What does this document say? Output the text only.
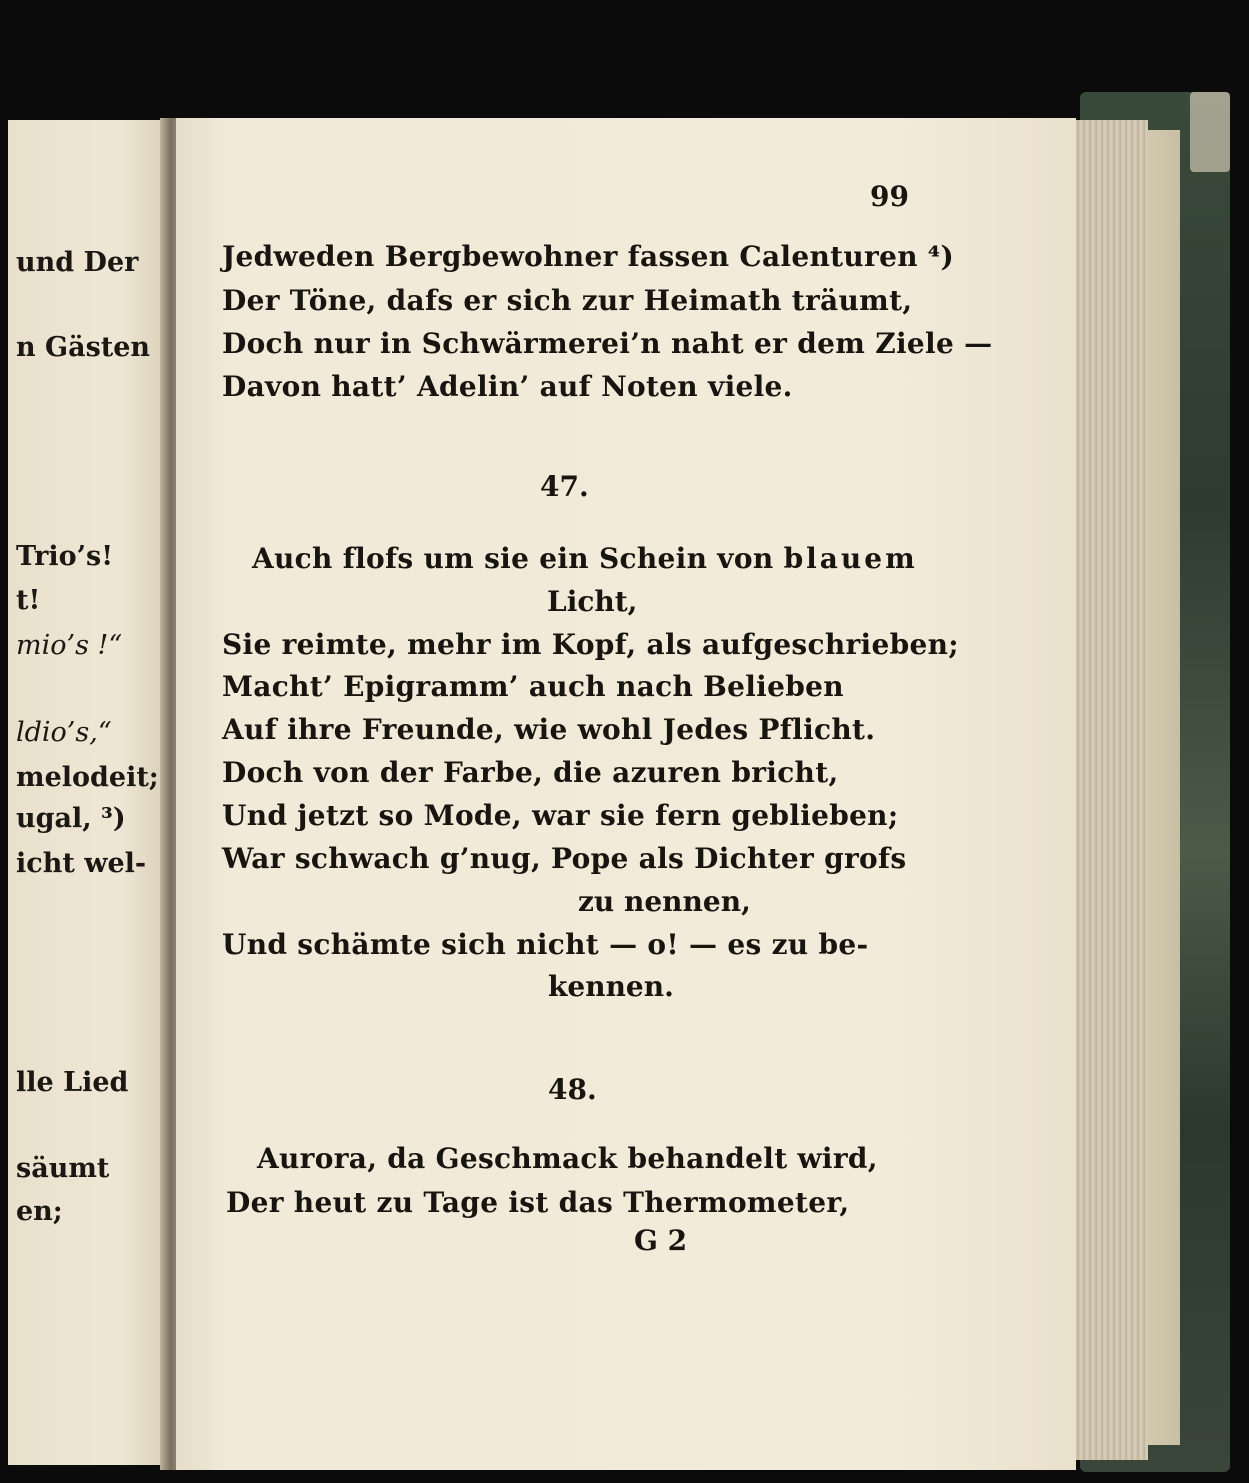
und Der
n Gästen
Trio’s!
t!
mio’s !“
ldio’s,“
melodeit;
ugal, ³)
icht wel-
lle Lied
säumt
en;
99
Jedweden Bergbewohner fassen Calenturen ⁴)
Der Töne, dafs er sich zur Heimath träumt,
Doch nur in Schwärmerei’n naht er dem Ziele —
Davon hatt’ Adelin’ auf Noten viele.
47.
Auch flofs um sie ein Schein von blauem
Licht,
Sie reimte, mehr im Kopf, als aufgeschrieben;
Macht’ Epigramm’ auch nach Belieben
Auf ihre Freunde, wie wohl Jedes Pflicht.
Doch von der Farbe, die azuren bricht,
Und jetzt so Mode, war sie fern geblieben;
War schwach g’nug, Pope als Dichter grofs
zu nennen,
Und schämte sich nicht — o! — es zu be-
kennen.
48.
Aurora, da Geschmack behandelt wird,
Der heut zu Tage ist das Thermometer,
G 2
